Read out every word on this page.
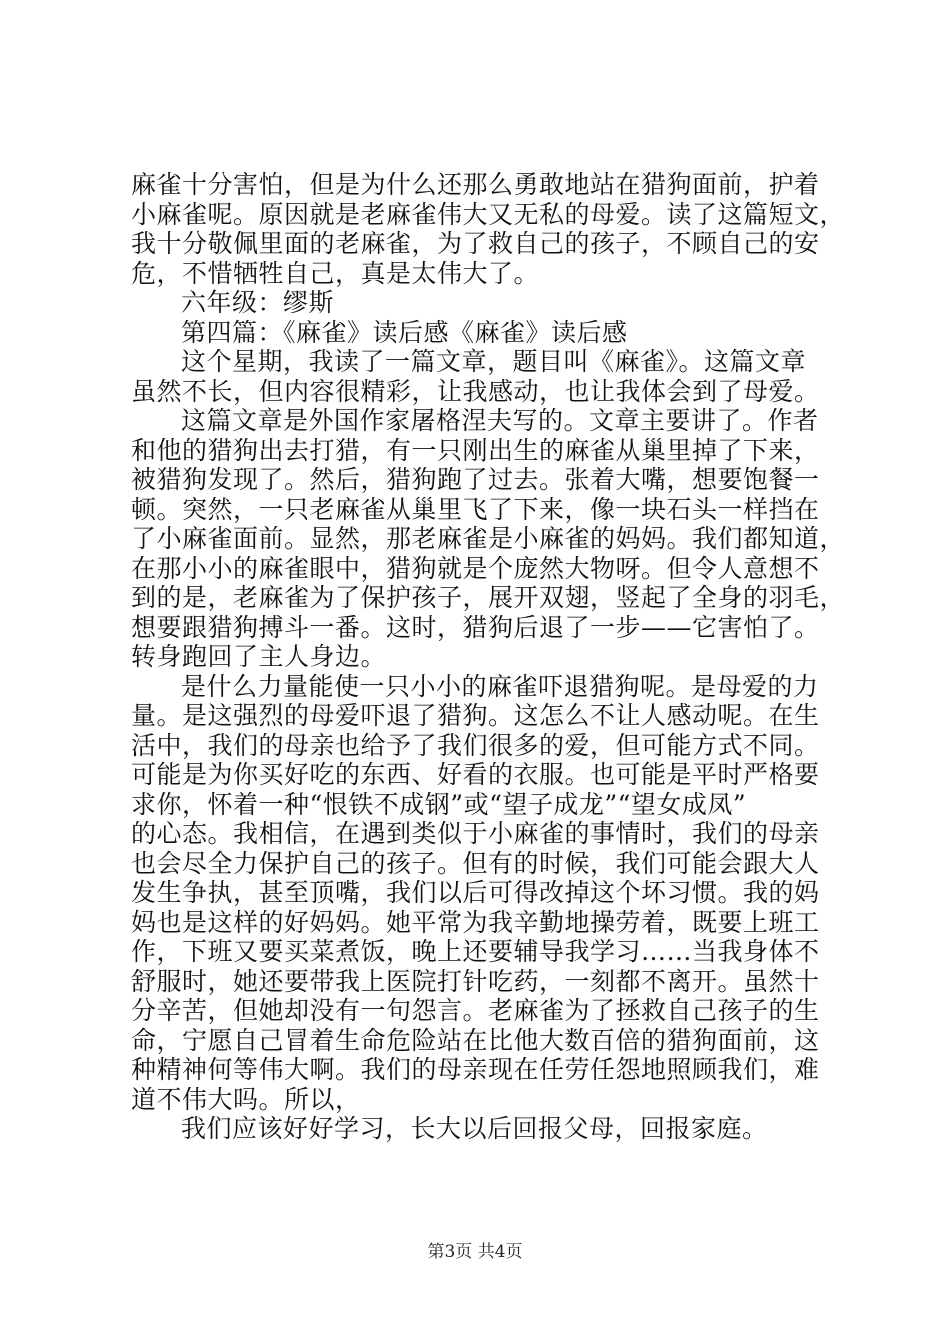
麻雀十分害怕，但是为什么还那么勇敢地站在猎狗面前，护着
小麻雀呢。原因就是老麻雀伟大又无私的母爱。读了这篇短文，
我十分敬佩里面的老麻雀，为了救自己的孩子，不顾自己的安
危，不惜牺牲自己，真是太伟大了。
六年级：缪斯
第四篇：《麻雀》读后感《麻雀》读后感
这个星期，我读了一篇文章，题目叫《麻雀》。这篇文章
虽然不长，但内容很精彩，让我感动，也让我体会到了母爱。
这篇文章是外国作家屠格涅夫写的。文章主要讲了。作者
和他的猎狗出去打猎，有一只刚出生的麻雀从巢里掉了下来，
被猎狗发现了。然后，猎狗跑了过去。张着大嘴，想要饱餐一
顿。突然，一只老麻雀从巢里飞了下来，像一块石头一样挡在
了小麻雀面前。显然，那老麻雀是小麻雀的妈妈。我们都知道，
在那小小的麻雀眼中，猎狗就是个庞然大物呀。但令人意想不
到的是，老麻雀为了保护孩子，展开双翅，竖起了全身的羽毛，
想要跟猎狗搏斗一番。这时，猎狗后退了一步——它害怕了。
转身跑回了主人身边。
是什么力量能使一只小小的麻雀吓退猎狗呢。是母爱的力
量。是这强烈的母爱吓退了猎狗。这怎么不让人感动呢。在生
活中，我们的母亲也给予了我们很多的爱，但可能方式不同。
可能是为你买好吃的东西、好看的衣服。也可能是平时严格要
求你，怀着一种“恨铁不成钢”或“望子成龙”“望女成凤”
的心态。我相信，在遇到类似于小麻雀的事情时，我们的母亲
也会尽全力保护自己的孩子。但有的时候，我们可能会跟大人
发生争执，甚至顶嘴，我们以后可得改掉这个坏习惯。我的妈
妈也是这样的好妈妈。她平常为我辛勤地操劳着，既要上班工
作，下班又要买菜煮饭，晚上还要辅导我学习……当我身体不
舒服时，她还要带我上医院打针吃药，一刻都不离开。虽然十
分辛苦，但她却没有一句怨言。老麻雀为了拯救自己孩子的生
命，宁愿自己冒着生命危险站在比他大数百倍的猎狗面前，这
种精神何等伟大啊。我们的母亲现在任劳任怨地照顾我们，难
道不伟大吗。所以，
我们应该好好学习，长大以后回报父母，回报家庭。
第3页 共4页
